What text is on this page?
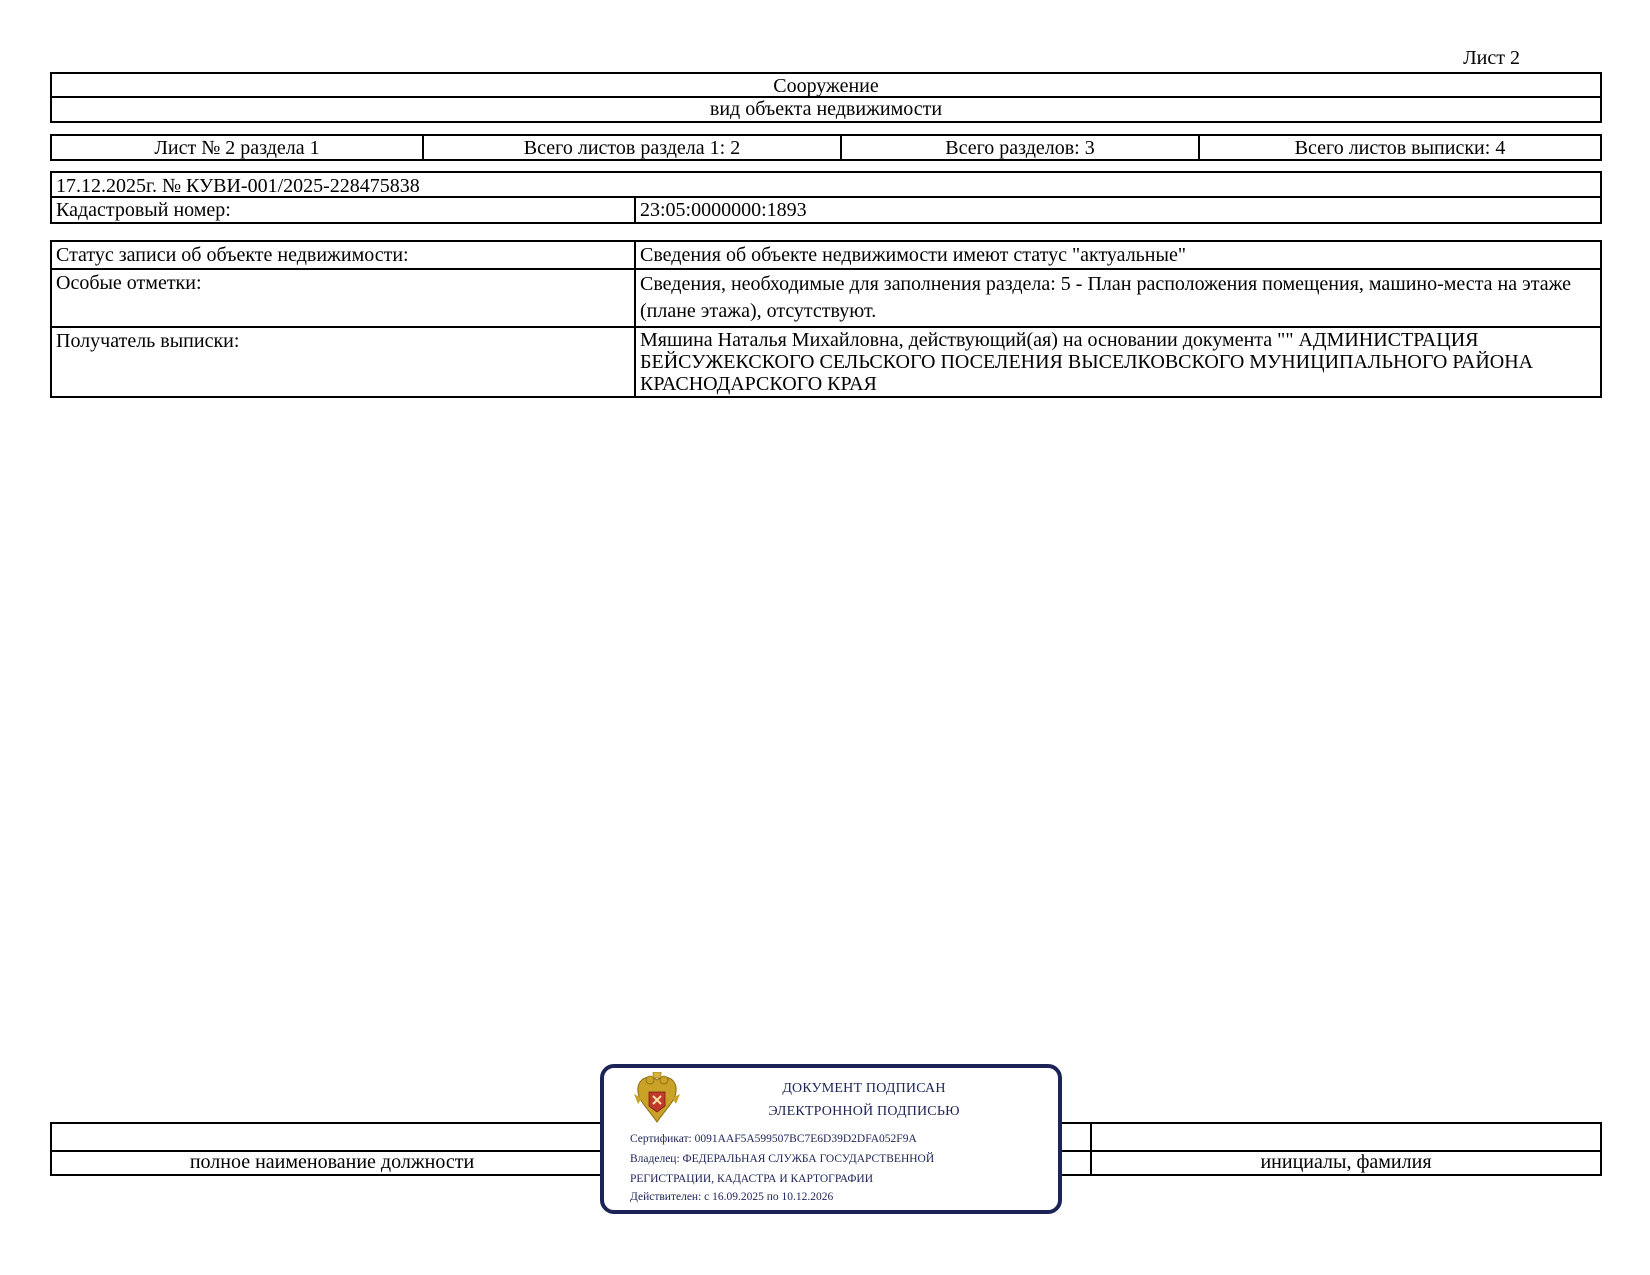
Лист 2
Сооружение
вид объекта недвижимости
Лист № 2 раздела 1	Всего листов раздела 1: 2	Всего разделов: 3	Всего листов выписки: 4
17.12.2025г. № КУВИ-001/2025-228475838
Кадастровый номер:	23:05:0000000:1893
Статус записи об объекте недвижимости:	Сведения об объекте недвижимости имеют статус "актуальные"
Особые отметки:	Сведения, необходимые для заполнения раздела: 5 - План расположения помещения, машино-места на этаже (плане этажа), отсутствуют.
Получатель выписки:	Мяшина Наталья Михайловна, действующий(ая) на основании документа "" АДМИНИСТРАЦИЯ БЕЙСУЖЕКСКОГО СЕЛЬСКОГО ПОСЕЛЕНИЯ ВЫСЕЛКОВСКОГО МУНИЦИПАЛЬНОГО РАЙОНА КРАСНОДАРСКОГО КРАЯ
полное наименование должности	инициалы, фамилия
ДОКУМЕНТ ПОДПИСАН
ЭЛЕКТРОННОЙ ПОДПИСЬЮ
Сертификат: 0091AAF5A599507BC7E6D39D2DFA052F9A
Владелец: ФЕДЕРАЛЬНАЯ СЛУЖБА ГОСУДАРСТВЕННОЙ
РЕГИСТРАЦИИ, КАДАСТРА И КАРТОГРАФИИ
Действителен: с 16.09.2025 по 10.12.2026
